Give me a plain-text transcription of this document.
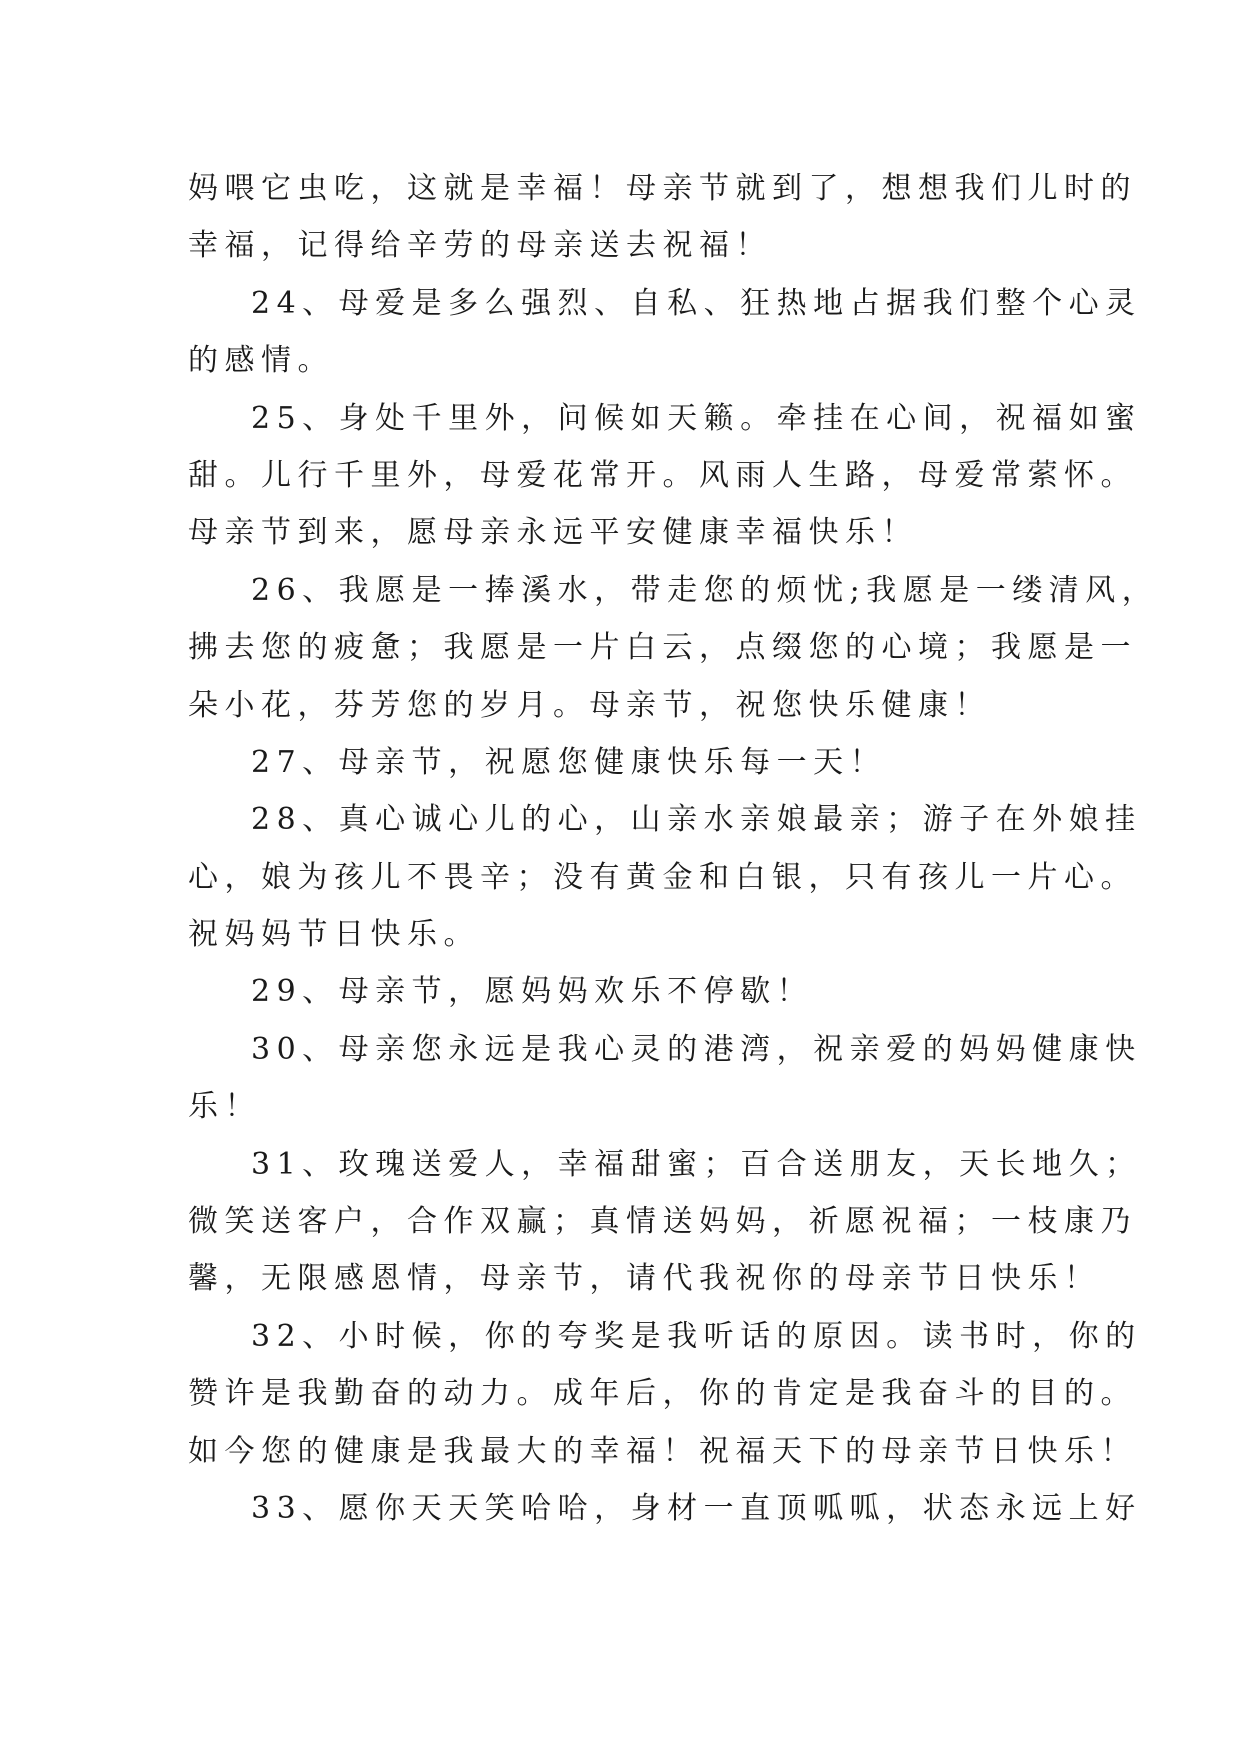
妈喂它虫吃，这就是幸福！母亲节就到了，想想我们儿时的
幸福，记得给辛劳的母亲送去祝福！
24、母爱是多么强烈、自私、狂热地占据我们整个心灵
的感情。
25、身处千里外，问候如天籁。牵挂在心间，祝福如蜜
甜。儿行千里外，母爱花常开。风雨人生路，母爱常萦怀。
母亲节到来，愿母亲永远平安健康幸福快乐！
26、我愿是一捧溪水，带走您的烦忧;我愿是一缕清风，
拂去您的疲惫；我愿是一片白云，点缀您的心境；我愿是一
朵小花，芬芳您的岁月。母亲节，祝您快乐健康！
27、母亲节，祝愿您健康快乐每一天！
28、真心诚心儿的心，山亲水亲娘最亲；游子在外娘挂
心，娘为孩儿不畏辛；没有黄金和白银，只有孩儿一片心。
祝妈妈节日快乐。
29、母亲节，愿妈妈欢乐不停歇！
30、母亲您永远是我心灵的港湾，祝亲爱的妈妈健康快
乐！
31、玫瑰送爱人，幸福甜蜜；百合送朋友，天长地久；
微笑送客户，合作双赢；真情送妈妈，祈愿祝福；一枝康乃
馨，无限感恩情，母亲节，请代我祝你的母亲节日快乐！
32、小时候，你的夸奖是我听话的原因。读书时，你的
赞许是我勤奋的动力。成年后，你的肯定是我奋斗的目的。
如今您的健康是我最大的幸福！祝福天下的母亲节日快乐！
33、愿你天天笑哈哈，身材一直顶呱呱，状态永远上好
